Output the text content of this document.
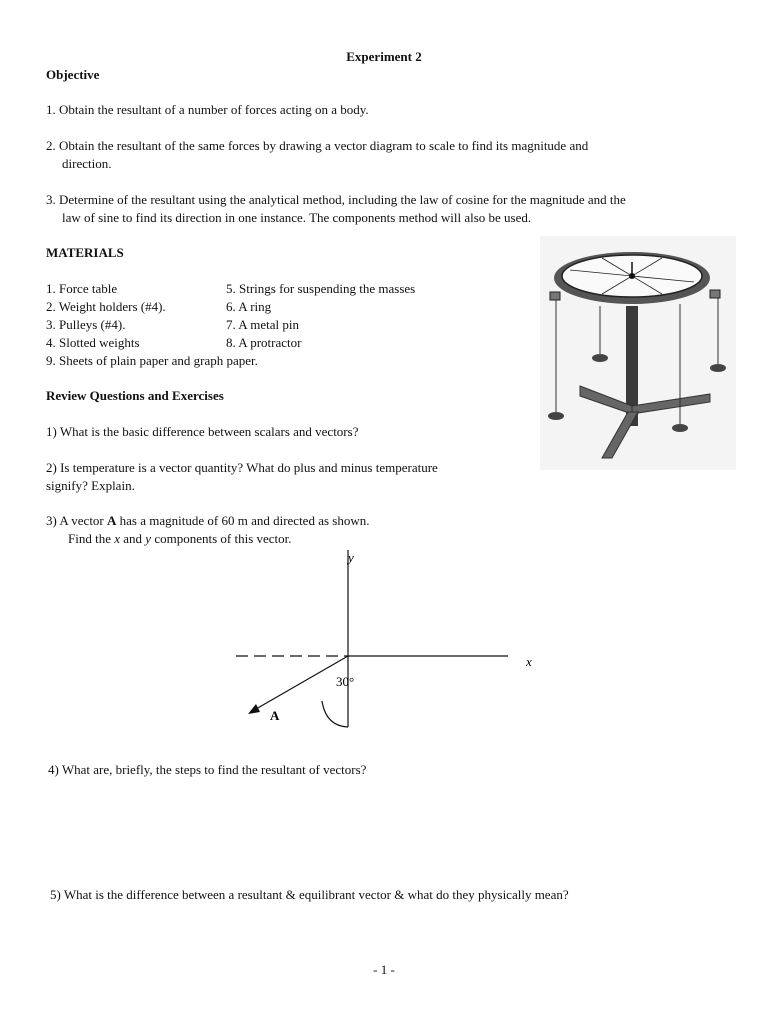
Experiment 2
Objective
1. Obtain the resultant of a number of forces acting on a body.
2. Obtain the resultant of the same forces by drawing a vector diagram to scale to find its magnitude and
direction.
3. Determine of the resultant using the analytical method, including the law of cosine for the magnitude and the
law of sine to find its direction in one instance. The components method will also be used.
MATERIALS
1. Force table
2. Weight holders (#4).
3. Pulleys (#4).
4. Slotted weights
5. Strings for suspending the masses
6. A ring
7. A metal pin
8. A protractor
9. Sheets of plain paper and graph paper.
Review Questions and Exercises
1) What is the basic difference between scalars and vectors?
2) Is temperature is a vector quantity? What do plus and minus temperature
signify? Explain.
3) A vector A has a magnitude of 60 m and directed as shown.
Find the x and y components of this vector.
y
x
30°
A
4) What are, briefly, the steps to find the resultant of vectors?
5) What is the difference between a resultant & equilibrant vector & what do they physically mean?
- 1 -
